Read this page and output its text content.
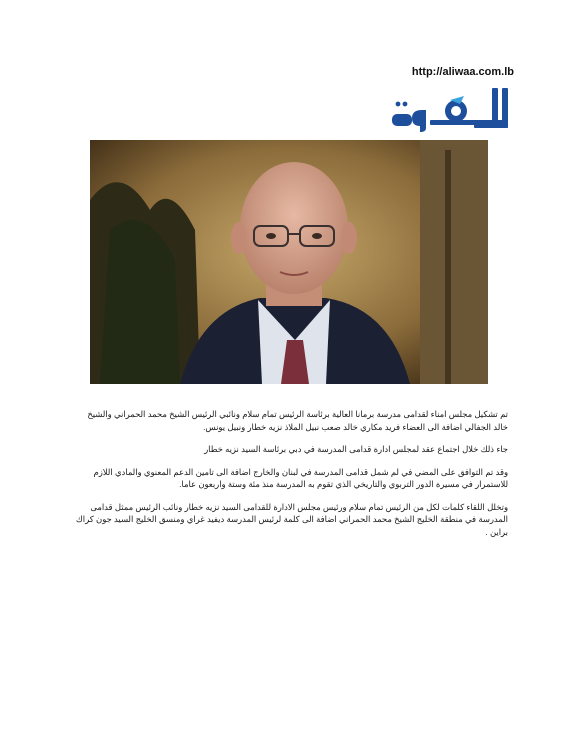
http://aliwaa.com.lb

تم تشكيل مجلس امناء لقدامى مدرسة برمانا العالية برئاسة الرئيس تمام سلام ونائبي الرئيس الشيخ محمد الحمراني والشيخ خالد الجفالي اضافة الى العضاء فريد مكاري خالد صعب نبيل الملاذ نزيه خطار ونبيل يونس.

جاء ذلك خلال اجتماع عقد لمجلس ادارة قدامى المدرسة في دبي برئاسة السيد نزيه خطار

وقد تم التوافق على المضي في لم شمل قدامى المدرسة في لبنان والخارج اضافة الى تامين الدعم المعنوي والمادي اللازم للاستمرار في مسيرة الدور التربوي والتاريخي الذي تقوم به المدرسة منذ مئة وستة واربعون عاما.

وتخلل اللقاء كلمات لكل من الرئيس تمام سلام ورئيس مجلس الادارة للقدامى السيد نزيه خطار ونائب الرئيس ممثل قدامى المدرسة في منطقة الخليج الشيخ محمد الحمراني اضافة الى كلمة لرئيس المدرسة ديفيد غراي ومنسق الخليج السيد جون كراك براين .
